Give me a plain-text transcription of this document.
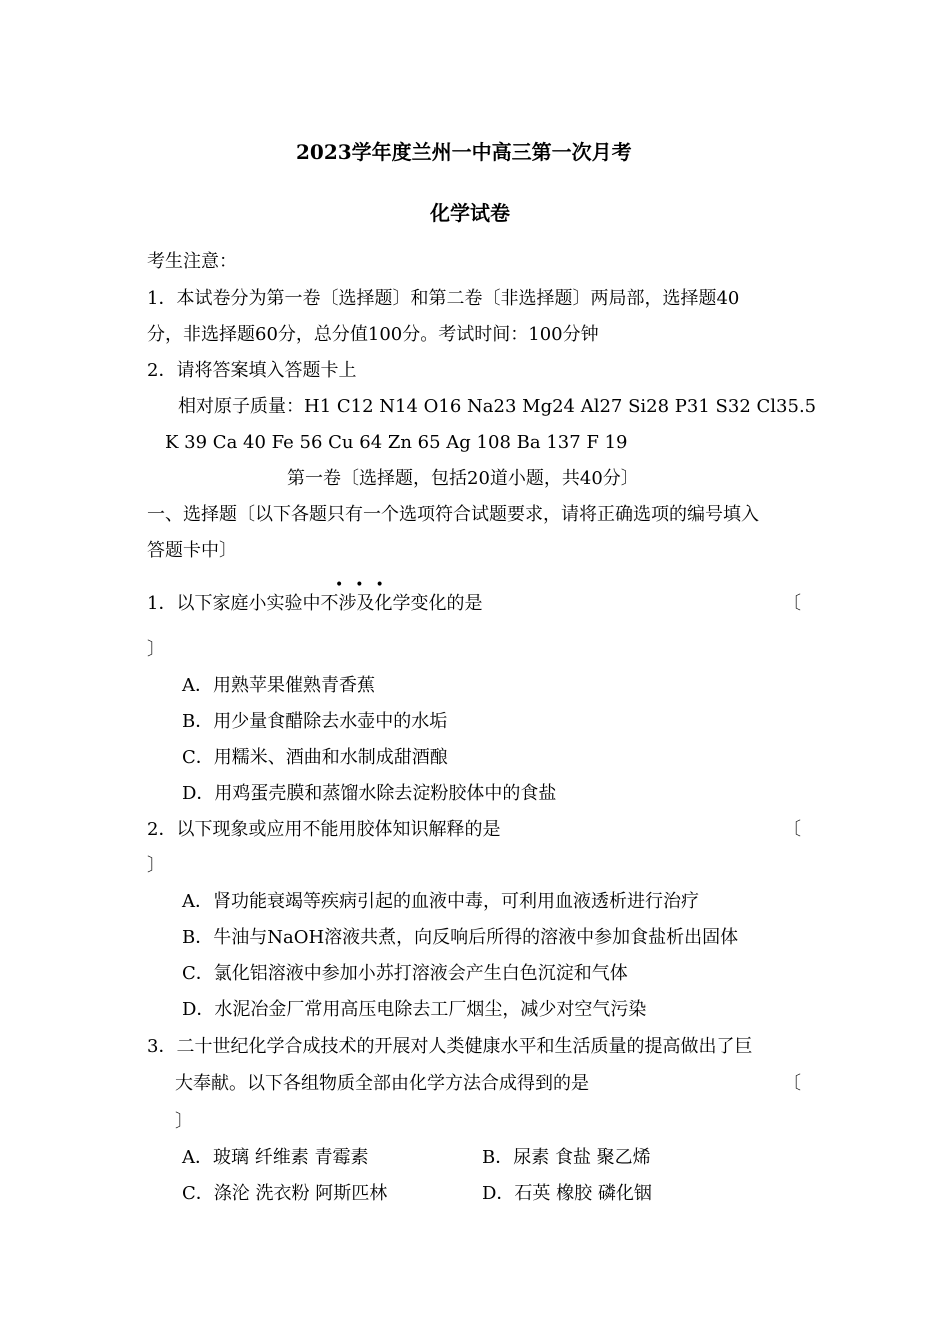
2023学年度兰州一中高三第一次月考
化学试卷
考生注意：
1．本试卷分为第一卷〔选择题〕和第二卷〔非选择题〕两局部，选择题40
分，非选择题60分，总分值100分。考试时间：100分钟
2．请将答案填入答题卡上
相对原子质量：H1 C12 N14 O16 Na23 Mg24 Al27 Si28 P31 S32 Cl35.5
K 39 Ca 40 Fe 56 Cu 64 Zn 65 Ag 108 Ba 137 F 19
第一卷〔选择题，包括20道小题，共40分〕
一、选择题〔以下各题只有一个选项符合试题要求，请将正确选项的编号填入
答题卡中〕
•••
1．以下家庭小实验中不涉及化学变化的是	〔
〕
A．用熟苹果催熟青香蕉
B．用少量食醋除去水壶中的水垢
C．用糯米、酒曲和水制成甜酒酿
D．用鸡蛋壳膜和蒸馏水除去淀粉胶体中的食盐
2．以下现象或应用不能用胶体知识解释的是	〔
〕
A．肾功能衰竭等疾病引起的血液中毒，可利用血液透析进行治疗
B．牛油与NaOH溶液共煮，向反响后所得的溶液中参加食盐析出固体
C．氯化铝溶液中参加小苏打溶液会产生白色沉淀和气体
D．水泥冶金厂常用高压电除去工厂烟尘，减少对空气污染
3．二十世纪化学合成技术的开展对人类健康水平和生活质量的提高做出了巨
大奉献。以下各组物质全部由化学方法合成得到的是	〔
〕
A．玻璃 纤维素 青霉素	B．尿素 食盐 聚乙烯
C．涤沦 洗衣粉 阿斯匹林	D．石英 橡胶 磷化铟
